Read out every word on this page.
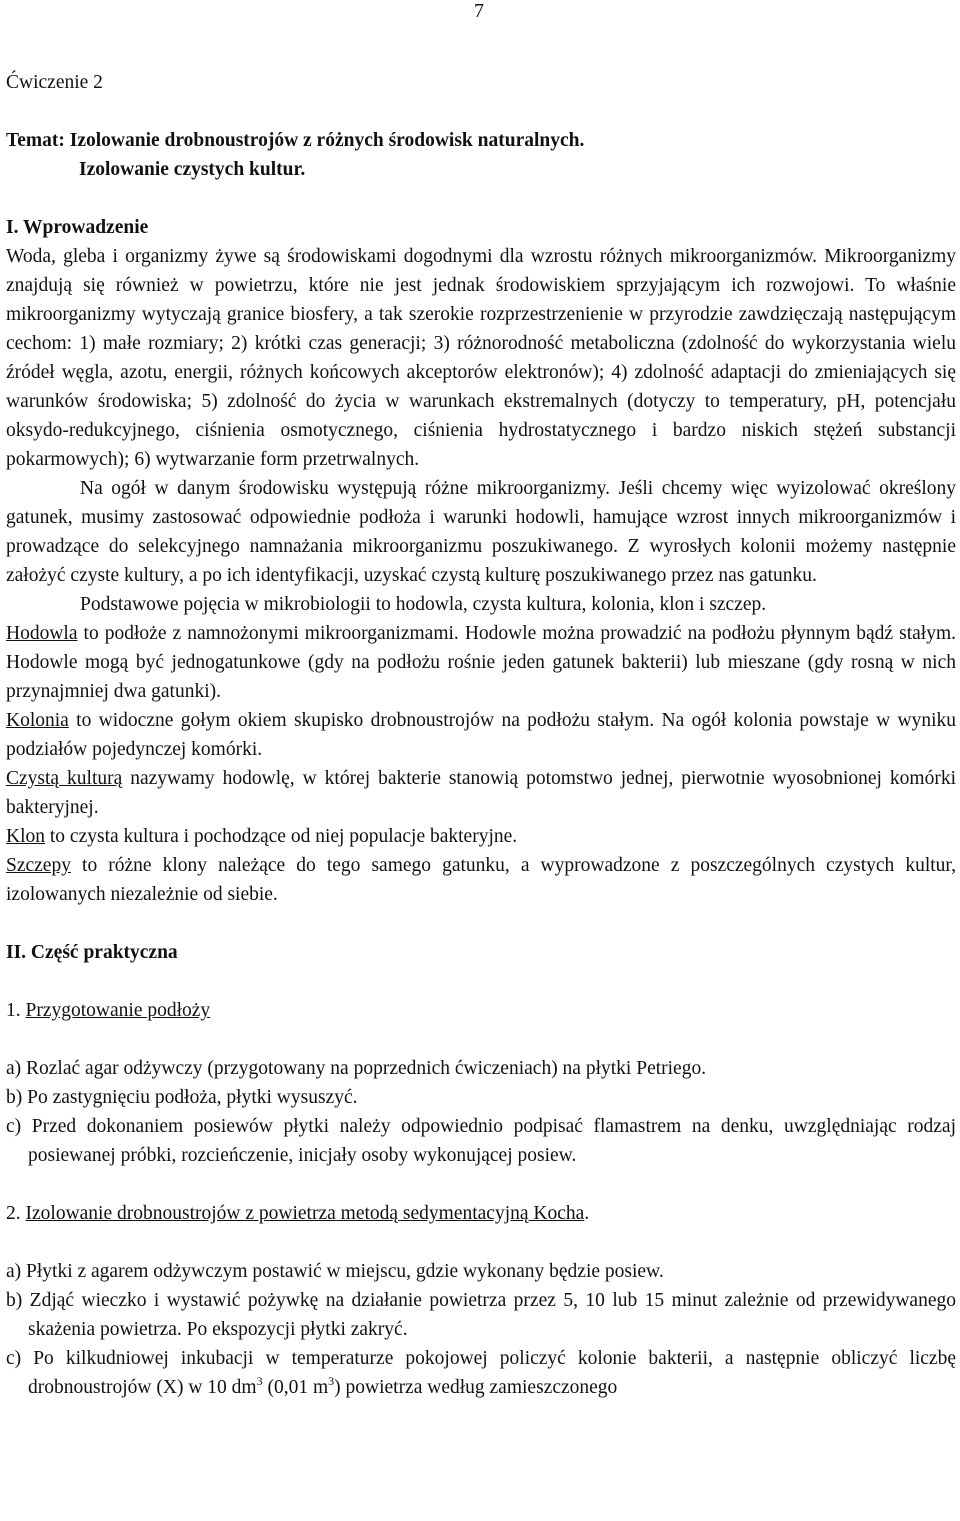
7

Ćwiczenie 2

Temat: Izolowanie drobnoustrojów z różnych środowisk naturalnych.

Izolowanie czystych kultur.

I. Wprowadzenie

Woda, gleba i organizmy żywe są środowiskami dogodnymi dla wzrostu różnych mikroorganizmów. Mikroorganizmy znajdują się również w powietrzu, które nie jest jednak środowiskiem sprzyjającym ich rozwojowi. To właśnie mikroorganizmy wytyczają granice biosfery, a tak szerokie rozprzestrzenienie w przyrodzie zawdzięczają następującym cechom: 1) małe rozmiary; 2) krótki czas generacji; 3) różnorodność metaboliczna (zdolność do wykorzystania wielu źródeł węgla, azotu, energii, różnych końcowych akceptorów elektronów); 4) zdolność adaptacji do zmieniających się warunków środowiska; 5) zdolność do życia w warunkach ekstremalnych (dotyczy to temperatury, pH, potencjału oksydo-redukcyjnego, ciśnienia osmotycznego, ciśnienia hydrostatycznego i bardzo niskich stężeń substancji pokarmowych); 6) wytwarzanie form przetrwalnych.

Na ogół w danym środowisku występują różne mikroorganizmy. Jeśli chcemy więc wyizolować określony gatunek, musimy zastosować odpowiednie podłoża i warunki hodowli, hamujące wzrost innych mikroorganizmów i prowadzące do selekcyjnego namnażania mikroorganizmu poszukiwanego. Z wyrosłych kolonii możemy następnie założyć czyste kultury, a po ich identyfikacji, uzyskać czystą kulturę poszukiwanego przez nas gatunku.

Podstawowe pojęcia w mikrobiologii to hodowla, czysta kultura, kolonia, klon i szczep.

Hodowla to podłoże z namnożonymi mikroorganizmami. Hodowle można prowadzić na podłożu płynnym bądź stałym. Hodowle mogą być jednogatunkowe (gdy na podłożu rośnie jeden gatunek bakterii) lub mieszane (gdy rosną w nich przynajmniej dwa gatunki).

Kolonia to widoczne gołym okiem skupisko drobnoustrojów na podłożu stałym. Na ogół kolonia powstaje w wyniku podziałów pojedynczej komórki.

Czystą kulturą nazywamy hodowlę, w której bakterie stanowią potomstwo jednej, pierwotnie wyosobnionej komórki bakteryjnej.

Klon to czysta kultura i pochodzące od niej populacje bakteryjne.

Szczepy to różne klony należące do tego samego gatunku, a wyprowadzone z poszczególnych czystych kultur, izolowanych niezależnie od siebie.

II. Część praktyczna

1. Przygotowanie podłoży

a) Rozlać agar odżywczy (przygotowany na poprzednich ćwiczeniach) na płytki Petriego.

b) Po zastygnięciu podłoża, płytki wysuszyć.

c) Przed dokonaniem posiewów płytki należy odpowiednio podpisać flamastrem na denku, uwzględniając rodzaj posiewanej próbki, rozcieńczenie, inicjały osoby wykonującej posiew.

2. Izolowanie drobnoustrojów z powietrza metodą sedymentacyjną Kocha.

a) Płytki z agarem odżywczym postawić w miejscu, gdzie wykonany będzie posiew.

b) Zdjąć wieczko i wystawić pożywkę na działanie powietrza przez 5, 10 lub 15 minut zależnie od przewidywanego skażenia powietrza. Po ekspozycji płytki zakryć.

c) Po kilkudniowej inkubacji w temperaturze pokojowej policzyć kolonie bakterii, a następnie obliczyć liczbę drobnoustrojów (X) w 10 $dm^3$ (0,01 $m^3$) powietrza według zamieszczonego
